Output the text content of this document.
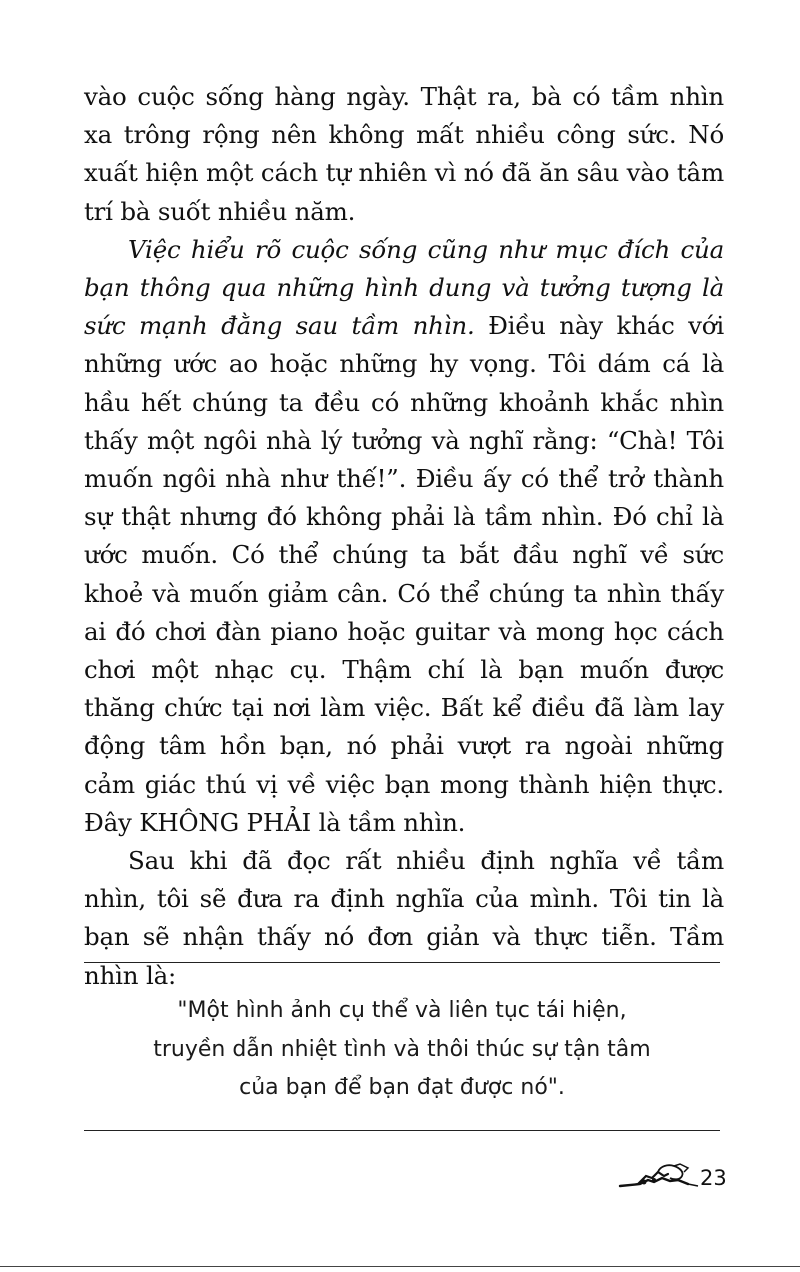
vào cuộc sống hàng ngày. Thật ra, bà có tầm nhìn xa trông rộng nên không mất nhiều công sức. Nó xuất hiện một cách tự nhiên vì nó đã ăn sâu vào tâm trí bà suốt nhiều năm.

Việc hiểu rõ cuộc sống cũng như mục đích của bạn thông qua những hình dung và tưởng tượng là sức mạnh đằng sau tầm nhìn. Điều này khác với những ước ao hoặc những hy vọng. Tôi dám cá là hầu hết chúng ta đều có những khoảnh khắc nhìn thấy một ngôi nhà lý tưởng và nghĩ rằng: “Chà! Tôi muốn ngôi nhà như thế!”. Điều ấy có thể trở thành sự thật nhưng đó không phải là tầm nhìn. Đó chỉ là ước muốn. Có thể chúng ta bắt đầu nghĩ về sức khoẻ và muốn giảm cân. Có thể chúng ta nhìn thấy ai đó chơi đàn piano hoặc guitar và mong học cách chơi một nhạc cụ. Thậm chí là bạn muốn được thăng chức tại nơi làm việc. Bất kể điều đã làm lay động tâm hồn bạn, nó phải vượt ra ngoài những cảm giác thú vị về việc bạn mong thành hiện thực. Đây KHÔNG PHẢI là tầm nhìn.

Sau khi đã đọc rất nhiều định nghĩa về tầm nhìn, tôi sẽ đưa ra định nghĩa của mình. Tôi tin là bạn sẽ nhận thấy nó đơn giản và thực tiễn. Tầm nhìn là:

"Một hình ảnh cụ thể và liên tục tái hiện,
truyền dẫn nhiệt tình và thôi thúc sự tận tâm
của bạn để bạn đạt được nó".
23
